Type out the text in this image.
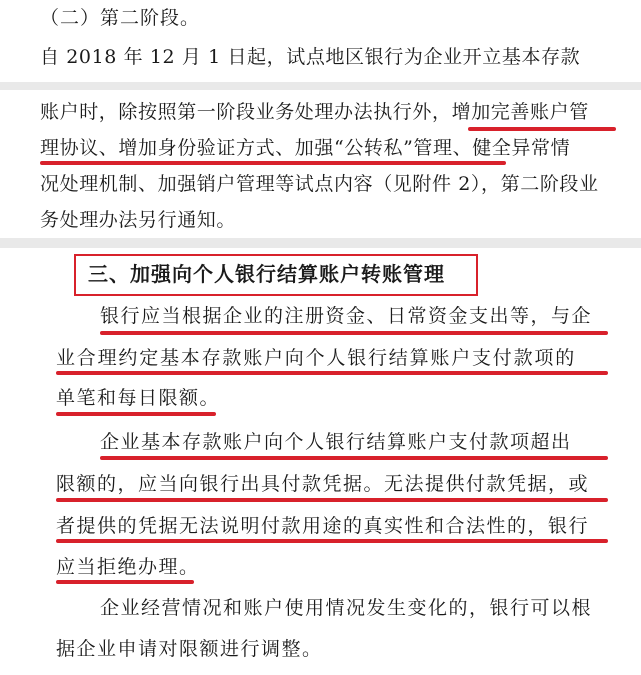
（二）第二阶段。
自 2018 年 12 月 1 日起，试点地区银行为企业开立基本存款
账户时，除按照第一阶段业务处理办法执行外，增加完善账户管
理协议、增加身份验证方式、加强“公转私”管理、健全异常情
况处理机制、加强销户管理等试点内容（见附件 2），第二阶段业
务处理办法另行通知。
三、加强向个人银行结算账户转账管理
银行应当根据企业的注册资金、日常资金支出等，与企
业合理约定基本存款账户向个人银行结算账户支付款项的
单笔和每日限额。
企业基本存款账户向个人银行结算账户支付款项超出
限额的，应当向银行出具付款凭据。无法提供付款凭据，或
者提供的凭据无法说明付款用途的真实性和合法性的，银行
应当拒绝办理。
企业经营情况和账户使用情况发生变化的，银行可以根
据企业申请对限额进行调整。
